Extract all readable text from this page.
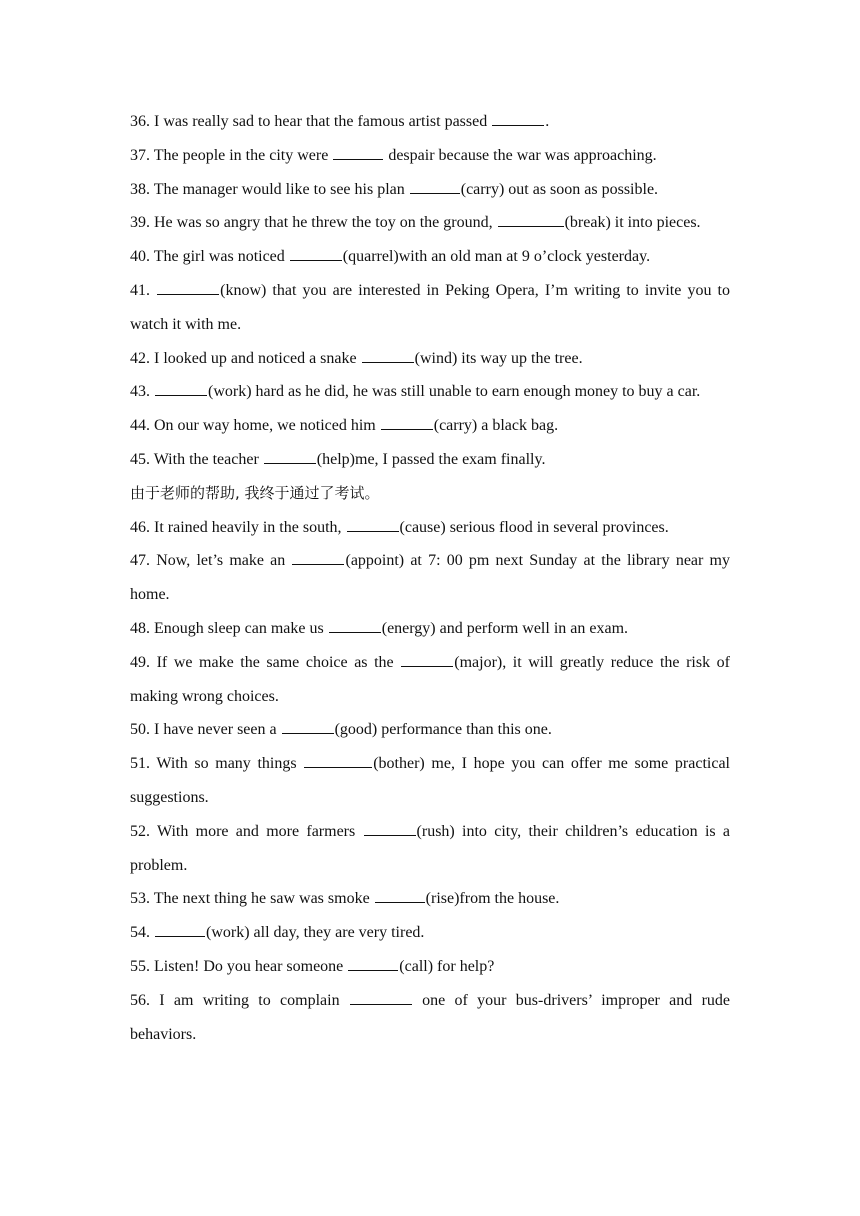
36. I was really sad to hear that the famous artist passed	.

37. The people in the city were	despair because the war was approaching.

38. The manager would like to see his plan	(carry) out as soon as possible.

39. He was so angry that he threw the toy on the ground,	(break) it into pieces.

40. The girl was noticed	(quarrel)with an old man at 9 o’clock yesterday.

41.	(know) that you are interested in Peking Opera, I’m writing to invite you to watch it with me.

42. I looked up and noticed a snake	(wind) its way up the tree.

43.	(work) hard as he did, he was still unable to earn enough money to buy a car.

44. On our way home, we noticed him	(carry) a black bag.

45. With the teacher	(help)me, I passed the exam finally.

由于老师的帮助, 我终于通过了考试。

46. It rained heavily in the south,	(cause) serious flood in several provinces.

47. Now, let’s make an	(appoint) at 7: 00 pm next Sunday at the library near my home.

48. Enough sleep can make us	(energy) and perform well in an exam.

49. If we make the same choice as the	(major), it will greatly reduce the risk of making wrong choices.

50. I have never seen a	(good) performance than this one.

51. With so many things	(bother) me, I hope you can offer me some practical suggestions.

52. With more and more farmers	(rush) into city, their children’s education is a problem.

53. The next thing he saw was smoke	(rise)from the house.

54.	(work) all day, they are very tired.

55. Listen! Do you hear someone	(call) for help?

56. I am writing to complain	one of your bus-drivers’ improper and rude behaviors.
